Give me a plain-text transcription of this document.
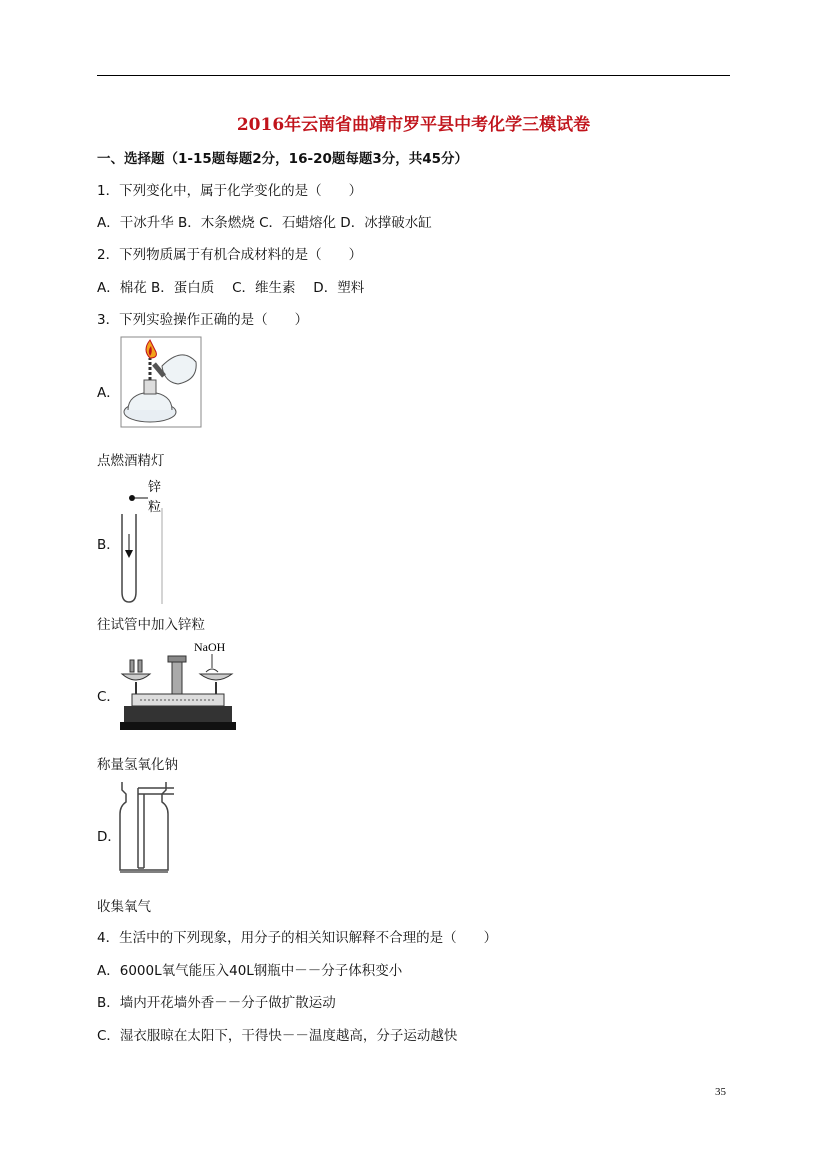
2016年云南省曲靖市罗平县中考化学三模试卷
一、选择题（1-15题每题2分，16-20题每题3分，共45分）
1．下列变化中，属于化学变化的是（　　）
A．干冰升华 B．木条燃烧 C．石蜡熔化 D．冰撑破水缸
2．下列物质属于有机合成材料的是（　　）
A．棉花 B．蛋白质　 C．维生素　 D．塑料
3．下列实验操作正确的是（　　）
A．
点燃酒精灯
B．
锌
粒
往试管中加入锌粒
C．
NaOH
称量氢氧化钠
D．
收集氧气
4．生活中的下列现象，用分子的相关知识解释不合理的是（　　）
A．6000L氧气能压入40L钢瓶中－－分子体积变小
B．墙内开花墙外香－－分子做扩散运动
C．湿衣服晾在太阳下，干得快－－温度越高，分子运动越快
35
